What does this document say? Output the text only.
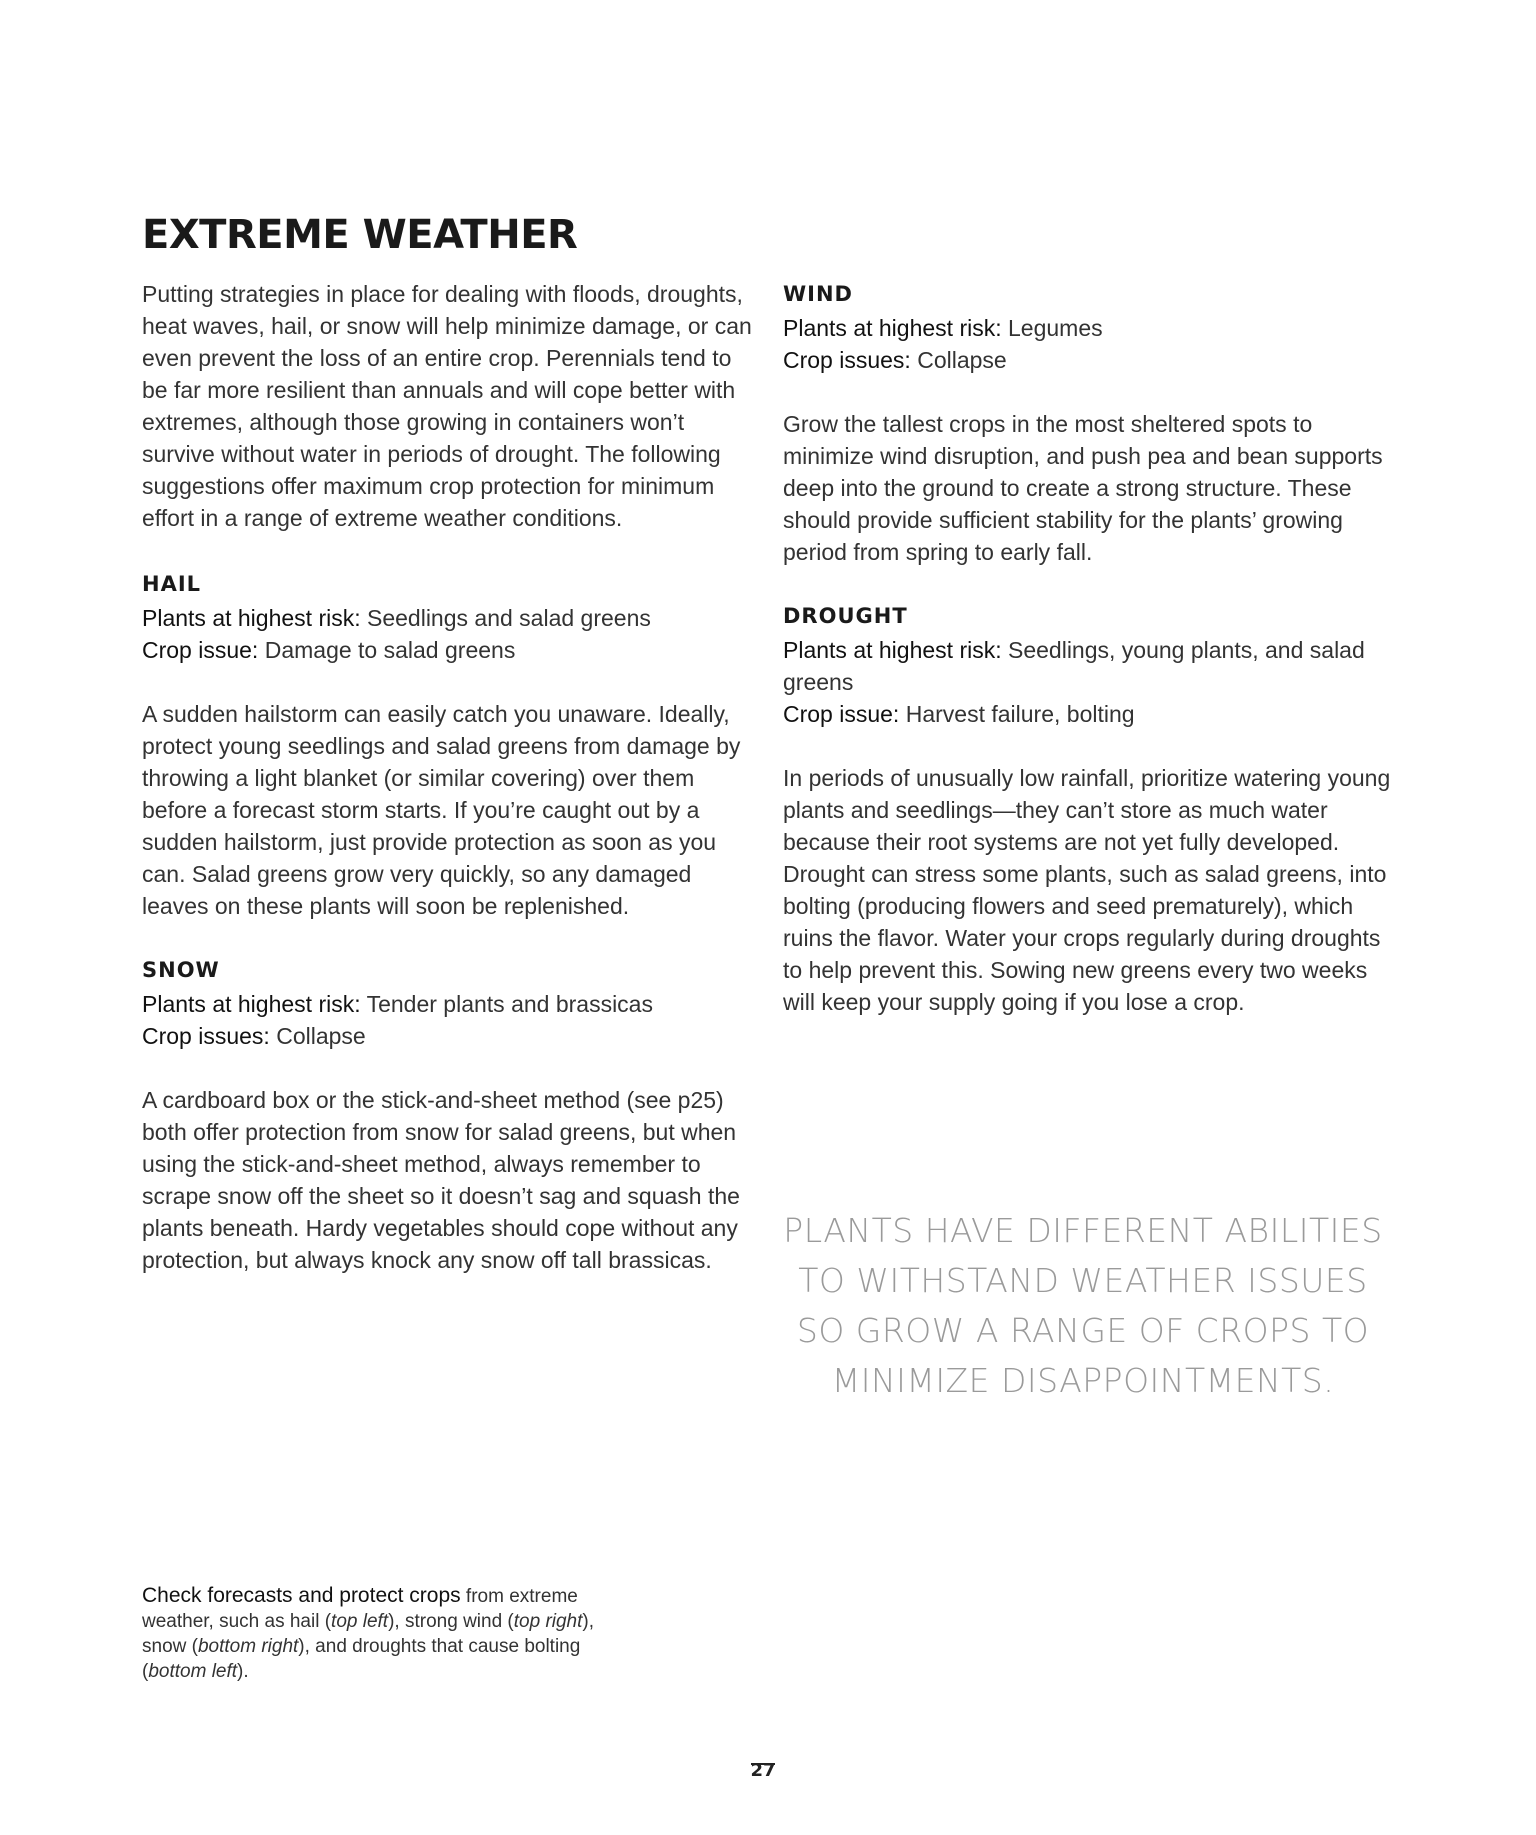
EXTREME WEATHER

Putting strategies in place for dealing with floods, droughts, heat waves, hail, or snow will help minimize damage, or can even prevent the loss of an entire crop. Perennials tend to be far more resilient than annuals and will cope better with extremes, although those growing in containers won’t survive without water in periods of drought. The following suggestions offer maximum crop protection for minimum effort in a range of extreme weather conditions.

HAIL

Plants at highest risk: Seedlings and salad greens

Crop issue: Damage to salad greens

A sudden hailstorm can easily catch you unaware. Ideally, protect young seedlings and salad greens from damage by throwing a light blanket (or similar covering) over them before a forecast storm starts. If you’re caught out by a sudden hailstorm, just provide protection as soon as you can. Salad greens grow very quickly, so any damaged leaves on these plants will soon be replenished.

SNOW

Plants at highest risk: Tender plants and brassicas

Crop issues: Collapse

A cardboard box or the stick-and-sheet method (see p25) both offer protection from snow for salad greens, but when using the stick-and-sheet method, always remember to scrape snow off the sheet so it doesn’t sag and squash the plants beneath. Hardy vegetables should cope without any protection, but always knock any snow off tall brassicas.

WIND

Plants at highest risk: Legumes

Crop issues: Collapse

Grow the tallest crops in the most sheltered spots to minimize wind disruption, and push pea and bean supports deep into the ground to create a strong structure. These should provide sufficient stability for the plants’ growing period from spring to early fall.

DROUGHT

Plants at highest risk: Seedlings, young plants, and salad greens

Crop issue: Harvest failure, bolting

In periods of unusually low rainfall, prioritize watering young plants and seedlings—they can’t store as much water because their root systems are not yet fully developed. Drought can stress some plants, such as salad greens, into bolting (producing flowers and seed prematurely), which ruins the flavor. Water your crops regularly during droughts to help prevent this. Sowing new greens every two weeks will keep your supply going if you lose a crop.

PLANTS HAVE DIFFERENT ABILITIES TO WITHSTAND WEATHER ISSUES SO GROW A RANGE OF CROPS TO MINIMIZE DISAPPOINTMENTS.
Check forecasts and protect crops from extreme weather, such as hail (top left), strong wind (top right), snow (bottom right), and droughts that cause bolting (bottom left).
27
